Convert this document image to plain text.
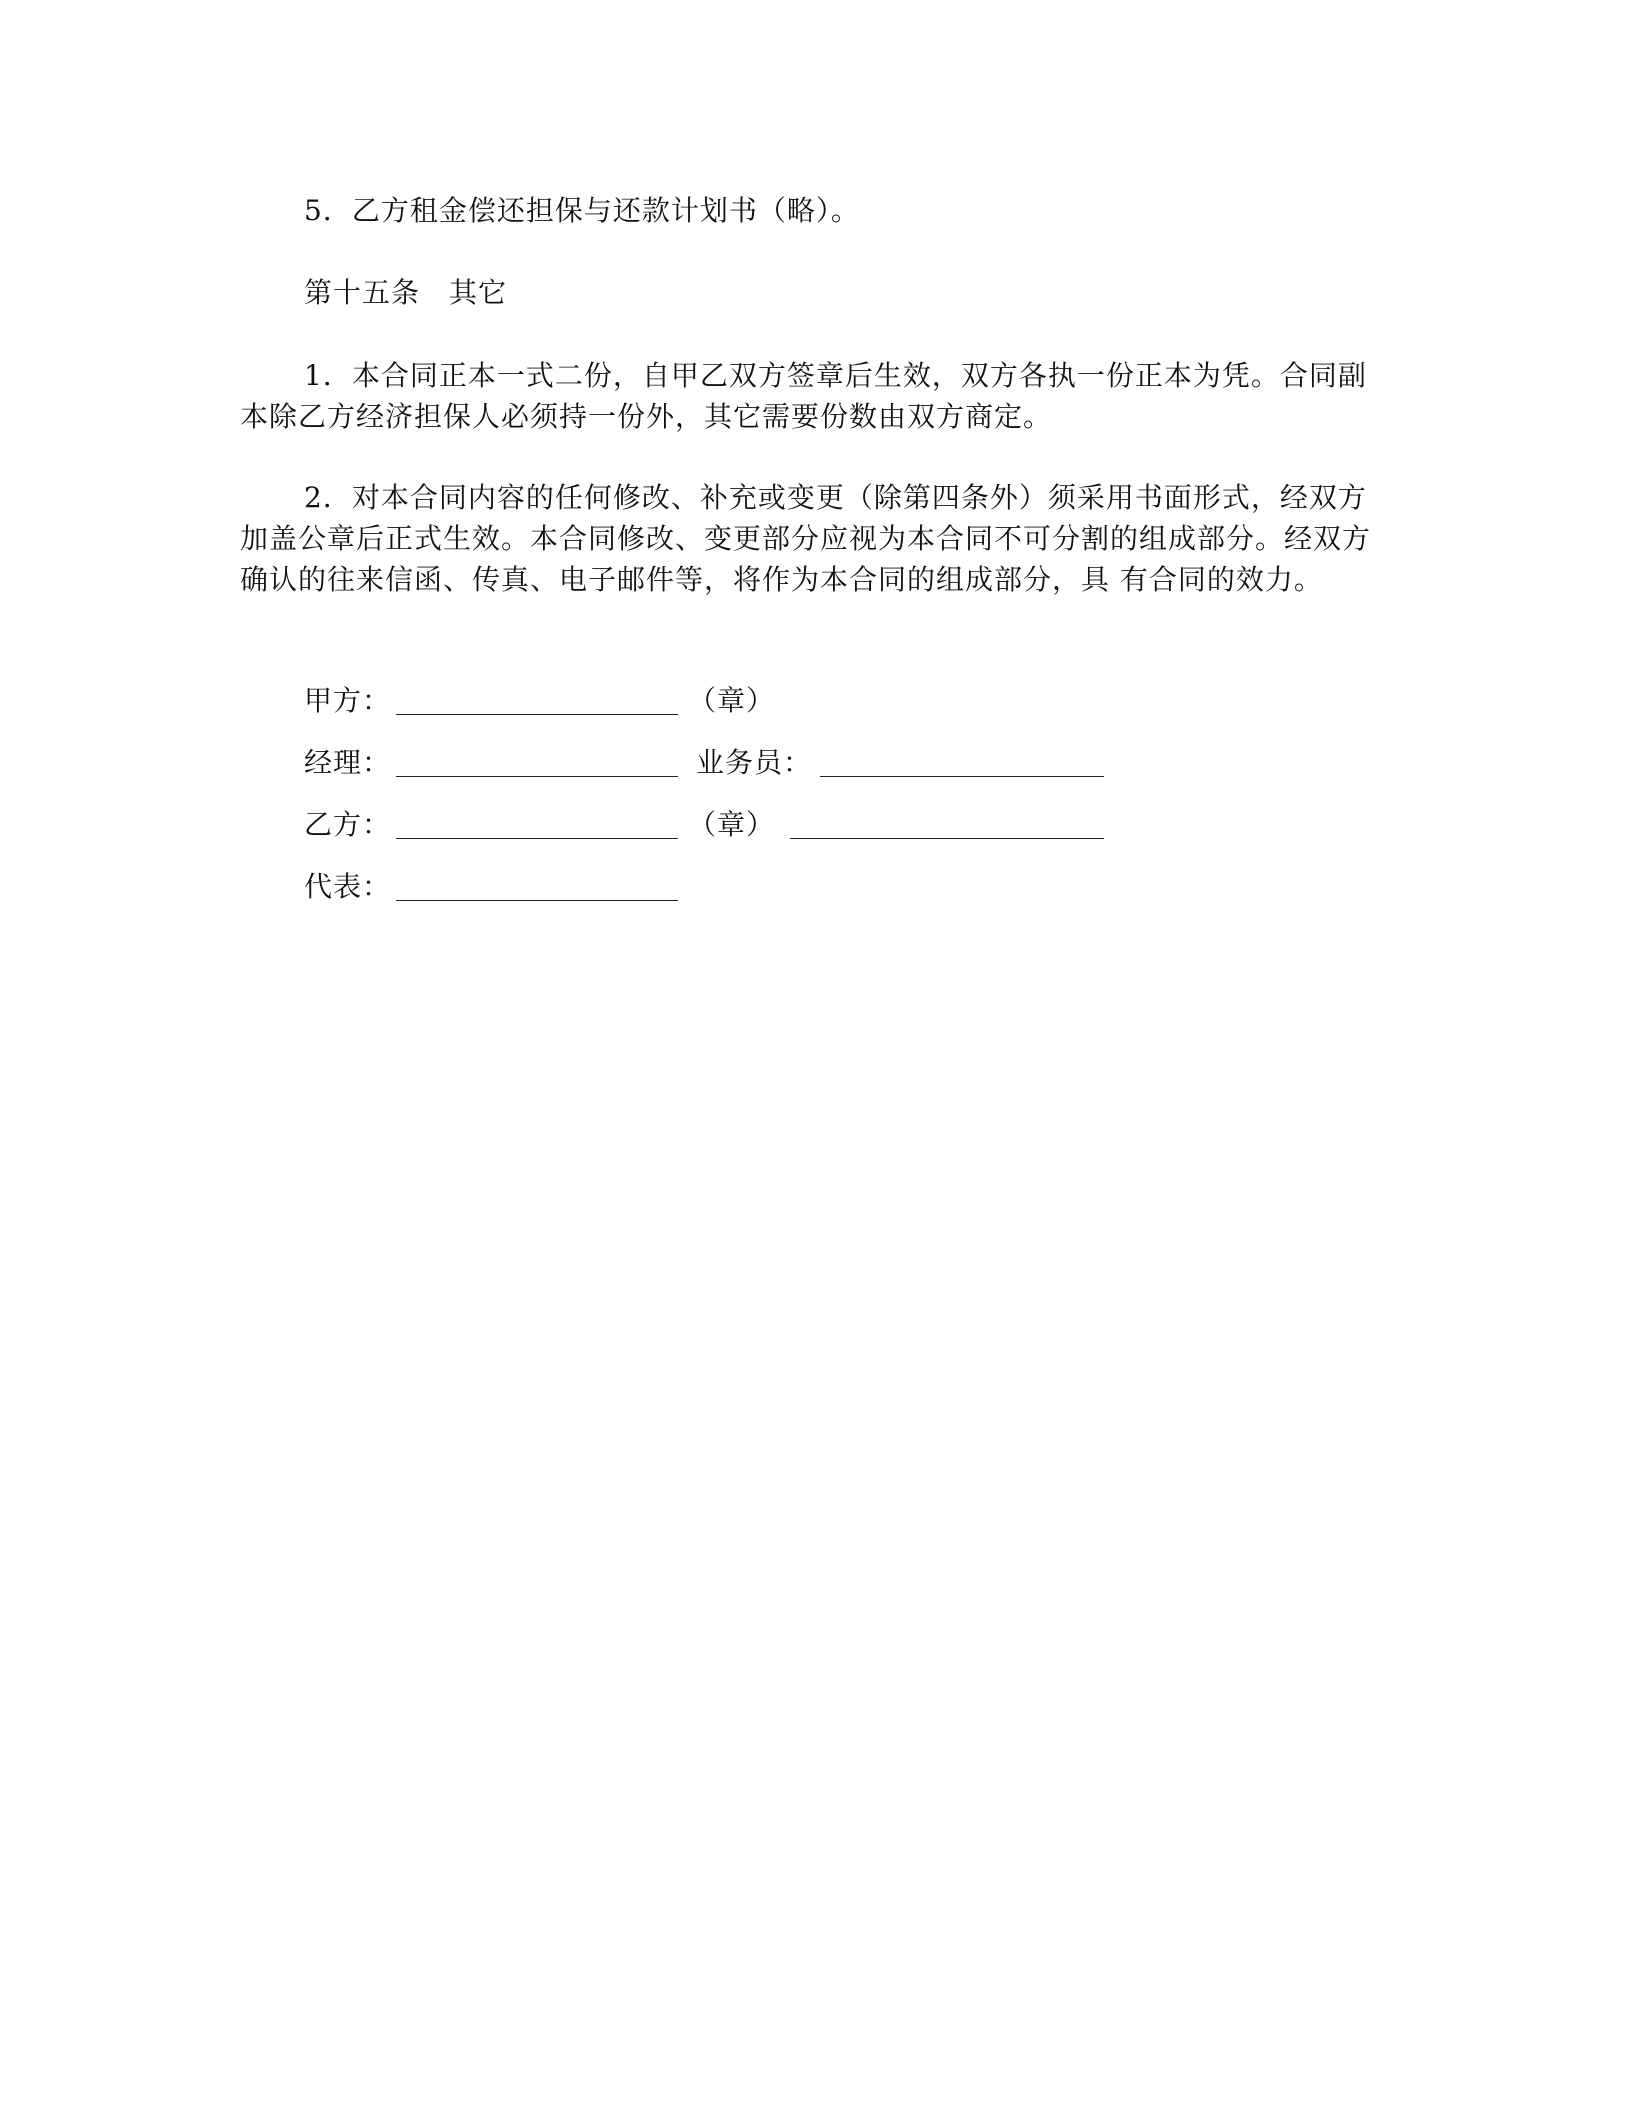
5．乙方租金偿还担保与还款计划书（略）。
第十五条　其它
1．本合同正本一式二份，自甲乙双方签章后生效，双方各执一份正本为凭。合同副本除乙方经济担保人必须持一份外，其它需要份数由双方商定。
2．对本合同内容的任何修改、补充或变更（除第四条外）须采用书面形式，经双方加盖公章后正式生效。本合同修改、变更部分应视为本合同不可分割的组成部分。经双方确认的往来信函、传真、电子邮件等，将作为本合同的组成部分，具 有合同的效力。

甲方：

	（章）

经理：

	业务员：

乙方：

	（章）

代表：
